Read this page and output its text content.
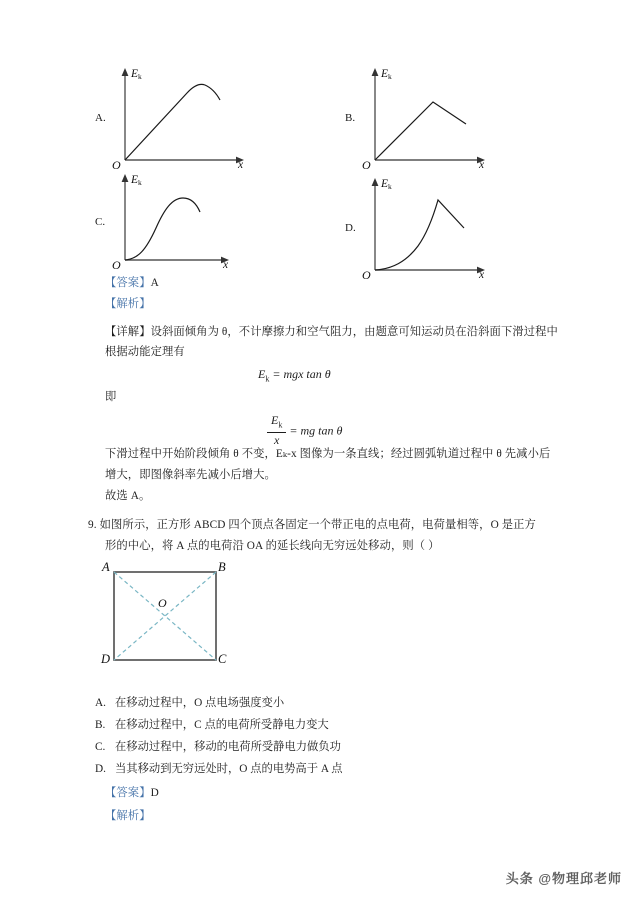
A.
$E_k$
x
O
B.
$E_k$
x
O
C.
$E_k$
x
O
D.
$E_k$
x
O
【答案】A
【解析】
【详解】设斜面倾角为 θ，不计摩擦力和空气阻力，由题意可知运动员在沿斜面下滑过程中
根据动能定理有
$E_k$ = mgx tan θ
即
$\frac{E_k}{x}$ = mg tan θ
下滑过程中开始阶段倾角 θ 不变，Eₖ-x 图像为一条直线；经过圆弧轨道过程中 θ 先减小后
增大，即图像斜率先减小后增大。
故选 A。
9. 如图所示，正方形 ABCD 四个顶点各固定一个带正电的点电荷，电荷量相等，O 是正方
形的中心，将 A 点的电荷沿 OA 的延长线向无穷远处移动，则（ ）
A	B
C
D
O
A. 在移动过程中，O 点电场强度变小
B. 在移动过程中，C 点的电荷所受静电力变大
C. 在移动过程中，移动的电荷所受静电力做负功
D. 当其移动到无穷远处时，O 点的电势高于 A 点
【答案】D
【解析】
头条 @物理邱老师
